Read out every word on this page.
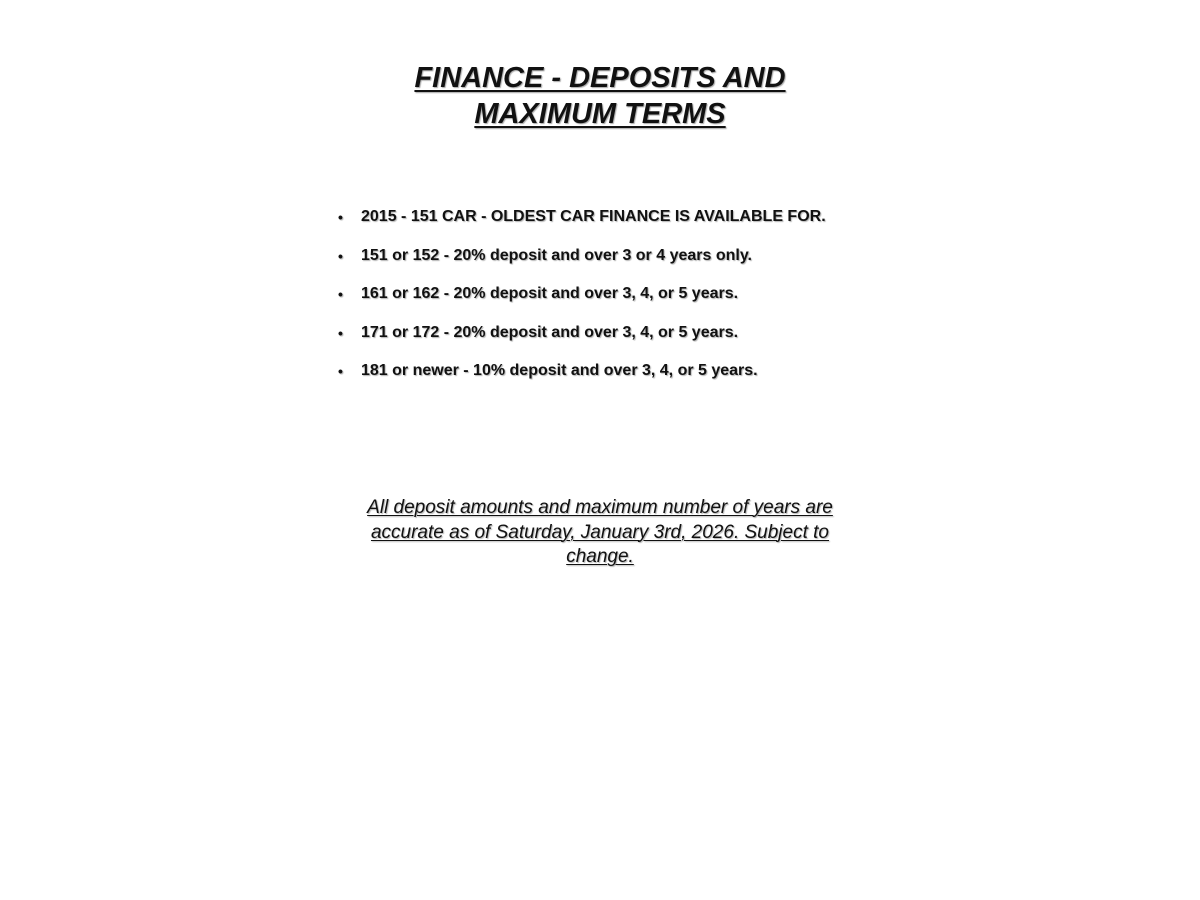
FINANCE - DEPOSITS AND
MAXIMUM TERMS
•	2015 - 151 CAR - OLDEST CAR FINANCE IS AVAILABLE FOR.
•	151 or 152 - 20% deposit and over 3 or 4 years only.
•	161 or 162 - 20% deposit and over 3, 4, or 5 years.
•	171 or 172 - 20% deposit and over 3, 4, or 5 years.
•	181 or newer - 10% deposit and over 3, 4, or 5 years.

All deposit amounts and maximum number of years are accurate as of Saturday, January 3rd, 2026. Subject to change.
